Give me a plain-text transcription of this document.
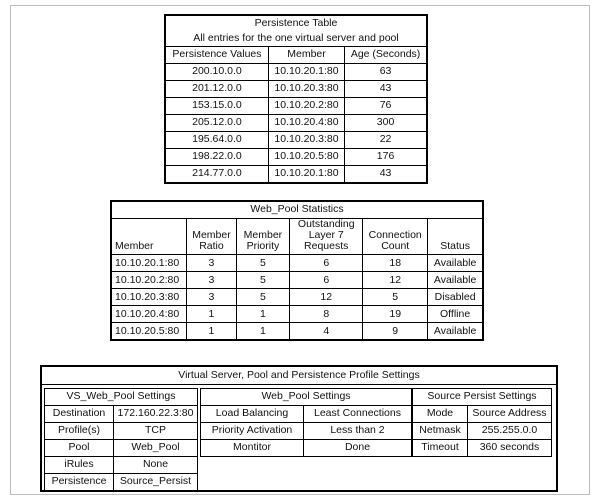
Persistence Table		
All entries for the one virtual server and pool		
Persistence Values	Member	Age (Seconds)
200.10.0.0	10.10.20.1:80	63
201.12.0.0	10.10.20.3:80	43
153.15.0.0	10.10.20.2:80	76
205.12.0.0	10.10.20.4:80	300
195.64.0.0	10.10.20.3:80	22
198.22.0.0	10.10.20.5:80	176
214.77.0.0	10.10.20.1:80	43
Web_Pool Statistics					
Member	Member Ratio	Member Priority	Outstanding Layer 7 Requests	Connection Count	Status
10.10.20.1:80	3	5	6	18	Available
10.10.20.2:80	3	5	6	12	Available
10.10.20.3:80	3	5	12	5	Disabled
10.10.20.4:80	1	1	8	19	Offline
10.10.20.5:80	1	1	4	9	Available
Virtual Server, Pool and Persistence Profile Settings
VS_Web_Pool Settings	
Destination	172.160.22.3:80
Profile(s)	TCP
Pool	Web_Pool
iRules	None
Persistence	Source_Persist
Web_Pool Settings	
Load Balancing	Least Connections
Priority Activation	Less than 2
Montitor	Done
Source Persist Settings	
Mode	Source Address
Netmask	255.255.0.0
Timeout	360 seconds
